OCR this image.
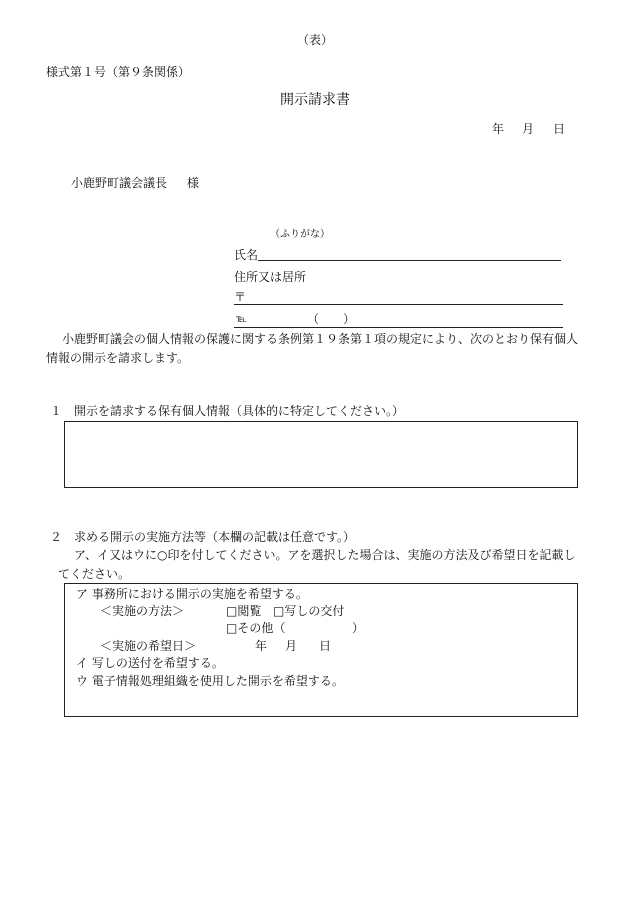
（表）
様式第１号（第９条関係）
開示請求書
年 月 日
小鹿野町議会議長 様
（ふりがな）
氏名
住所又は居所
〒
℡	（　　）
小鹿野町議会の個人情報の保護に関する条例第１９条第１項の規定により、次のとおり保有個人
情報の開示を請求します。
１　開示を請求する保有個人情報（具体的に特定してください。）
２　求める開示の実施方法等（本欄の記載は任意です。）
ア、イ又はウに○印を付してください。アを選択した場合は、実施の方法及び希望日を記載し
てください。
ア 事務所における開示の実施を希望する。
＜実施の方法＞	□閲覧 □写しの交付
□その他（	）
＜実施の希望日＞	年 月 日
イ 写しの送付を希望する。
ウ 電子情報処理組織を使用した開示を希望する。
